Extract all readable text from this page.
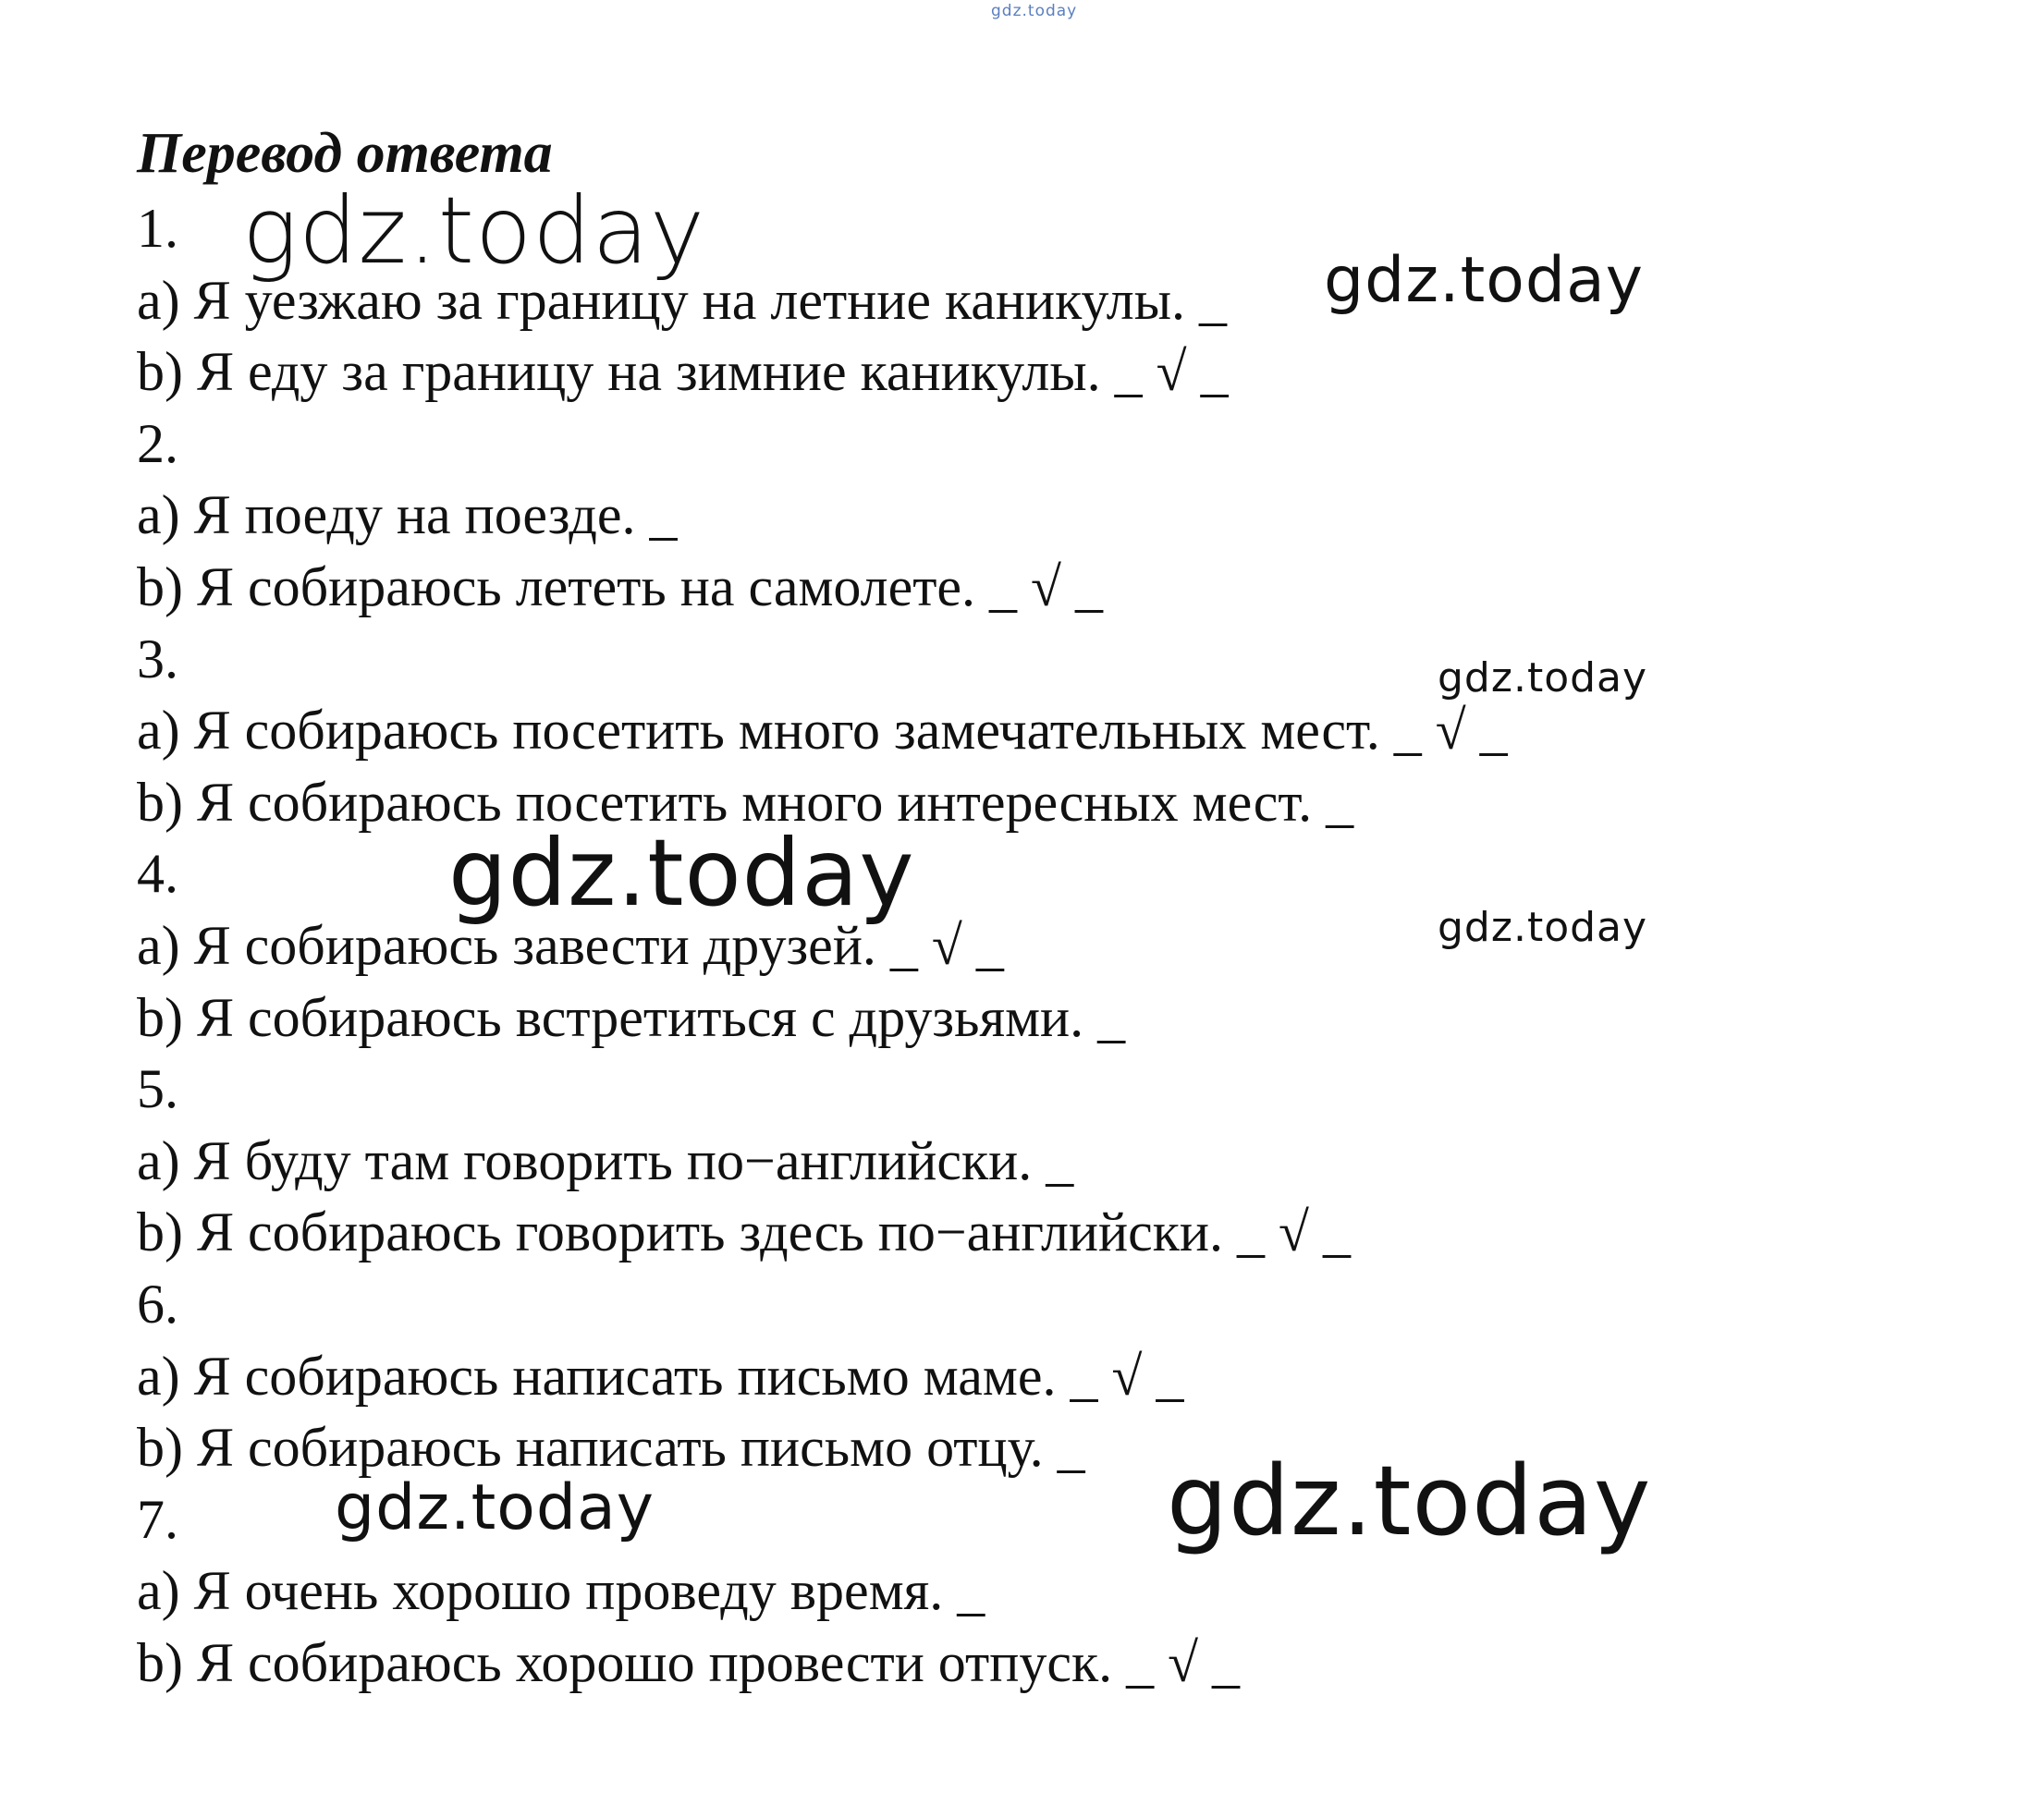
gdz.today
Перевод ответа
1.
a) Я уезжаю за границу на летние каникулы. _
b) Я еду за границу на зимние каникулы. _ √ _
2.
a) Я поеду на поезде. _
b) Я собираюсь лететь на самолете. _ √ _
3.
a) Я собираюсь посетить много замечательных мест. _ √ _
b) Я собираюсь посетить много интересных мест. _
4.
a) Я собираюсь завести друзей. _ √ _
b) Я собираюсь встретиться с друзьями. _
5.
a) Я буду там говорить по−английски. _
b) Я собираюсь говорить здесь по−английски. _ √ _
6.
a) Я собираюсь написать письмо маме. _ √ _
b) Я собираюсь написать письмо отцу. _
7.
a) Я очень хорошо проведу время. _
b) Я собираюсь хорошо провести отпуск. _ √ _
gdz.today	gdz.today
gdz.today
gdz.today
gdz.today
gdz.today	gdz.today
